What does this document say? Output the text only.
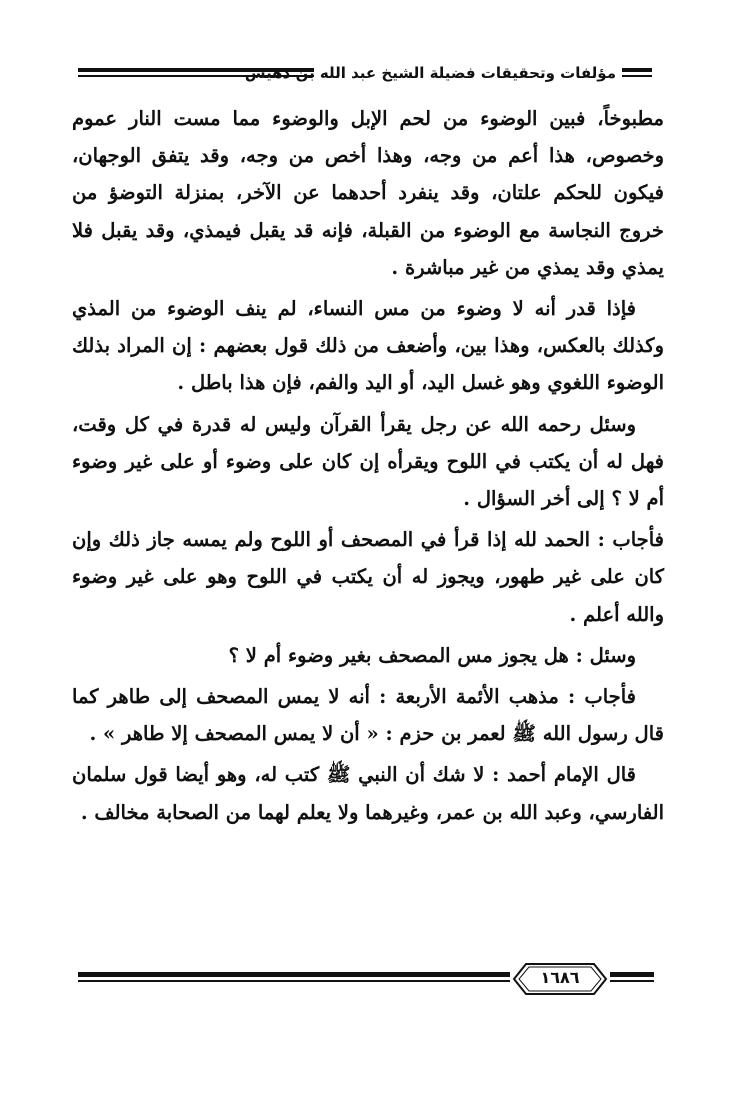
مؤلفات وتحقيقات فضيلة الشيخ عبد الله بن دهيش

مطبوخاً، فبين الوضوء من لحم الإبل والوضوء مما مست النار عموم وخصوص، هذا أعم من وجه، وهذا أخص من وجه، وقد يتفق الوجهان، فيكون للحكم علتان، وقد ينفرد أحدهما عن الآخر، بمنزلة التوضؤ من خروج النجاسة مع الوضوء من القبلة، فإنه قد يقبل فيمذي، وقد يقبل فلا يمذي وقد يمذي من غير مباشرة .

فإذا قدر أنه لا وضوء من مس النساء، لم ينف الوضوء من المذي وكذلك بالعكس، وهذا بين، وأضعف من ذلك قول بعضهم : إن المراد بذلك الوضوء اللغوي وهو غسل اليد، أو اليد والفم، فإن هذا باطل .

وسئل رحمه الله عن رجل يقرأ القرآن وليس له قدرة في كل وقت، فهل له أن يكتب في اللوح ويقرأه إن كان على وضوء أو على غير وضوء أم لا ؟ إلى أخر السؤال .

فأجاب : الحمد لله إذا قرأ في المصحف أو اللوح ولم يمسه جاز ذلك وإن كان على غير طهور، ويجوز له أن يكتب في اللوح وهو على غير وضوء والله أعلم .

وسئل : هل يجوز مس المصحف بغير وضوء أم لا ؟

فأجاب : مذهب الأئمة الأربعة : أنه لا يمس المصحف إلى طاهر كما قال رسول الله ﷺ لعمر بن حزم : « أن لا يمس المصحف إلا طاهر » .

قال الإمام أحمد : لا شك أن النبي ﷺ كتب له، وهو أيضا قول سلمان الفارسي، وعبد الله بن عمر، وغيرهما ولا يعلم لهما من الصحابة مخالف .

١٦٨٦
